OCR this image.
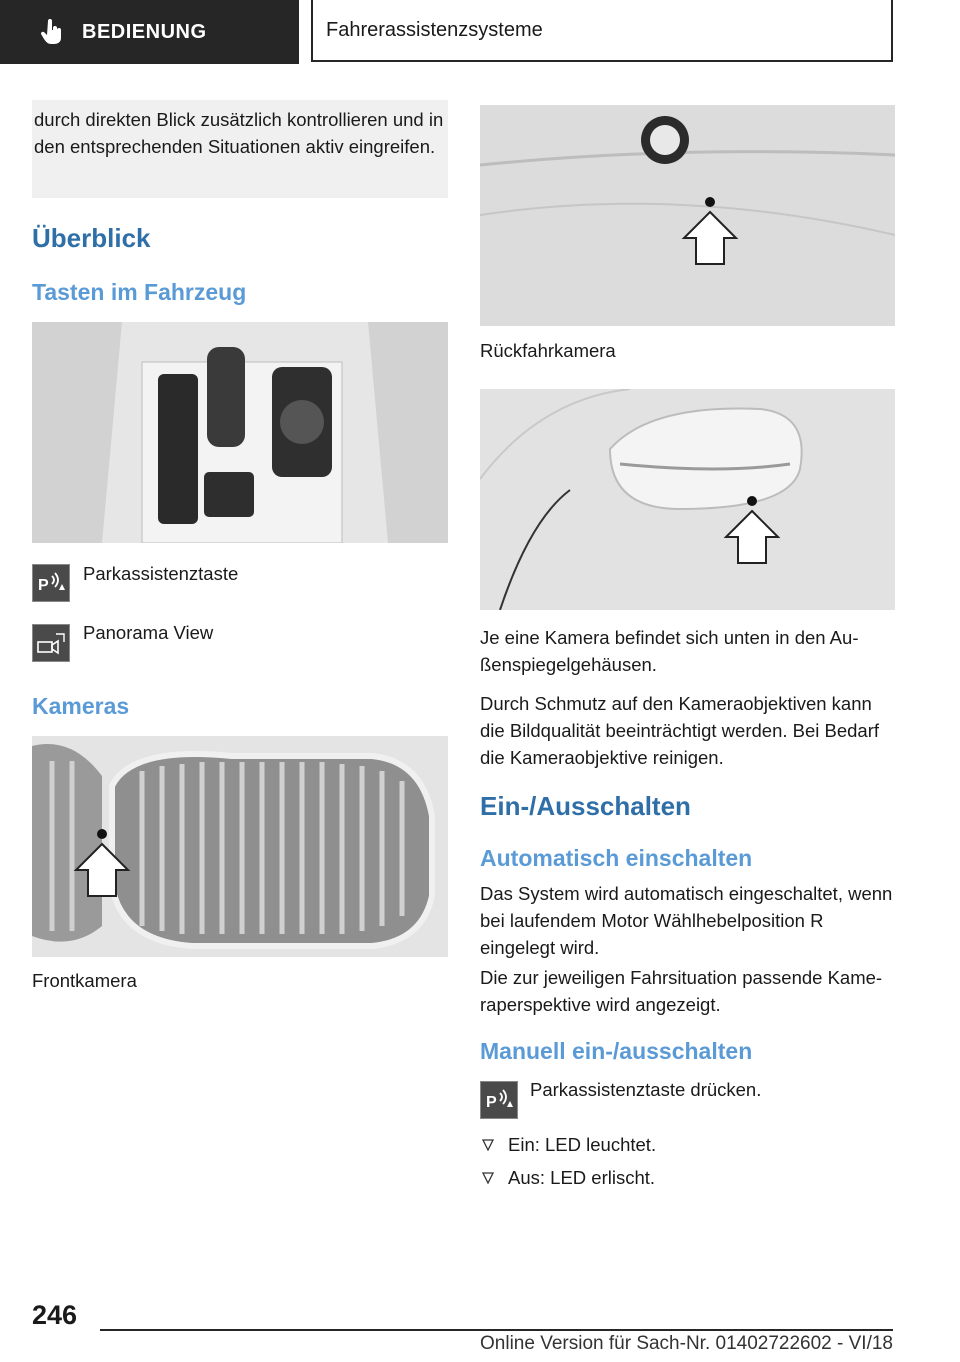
BEDIENUNG	Fahrerassistenzsysteme
durch direkten Blick zusätzlich kontrollieren und in den entsprechenden Situationen aktiv eingreifen.
Überblick
Tasten im Fahrzeug
P
Parkassistenztaste
Panorama View
Kameras
Frontkamera
Rückfahrkamera
Je eine Kamera befindet sich unten in den Außenspiegelgehäusen.
Durch Schmutz auf den Kameraobjektiven kann die Bildqualität beeinträchtigt werden. Bei Bedarf die Kameraobjektive reinigen.
Ein-/Ausschalten
Automatisch einschalten
Das System wird automatisch eingeschaltet, wenn bei laufendem Motor Wählhebelposition R eingelegt wird.
Die zur jeweiligen Fahrsituation passende Kameraperspektive wird angezeigt.
Manuell ein-/ausschalten
P
Parkassistenztaste drücken.
Ein: LED leuchtet.
Aus: LED erlischt.
246
Online Version für Sach-Nr. 01402722602 - VI/18
